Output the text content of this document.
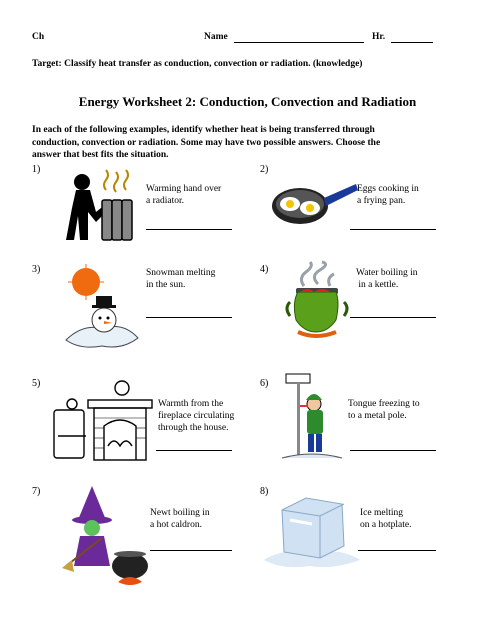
Ch	Name	Hr.
Target: Classify heat transfer as conduction, convection or radiation. (knowledge)
Energy Worksheet 2: Conduction, Convection and Radiation
In each of the following examples, identify whether heat is being transferred through
conduction, convection or radiation. Some may have two possible answers. Choose the
answer that best fits the situation.
1)
Warming hand over
a radiator.
2)
Eggs cooking in
a frying pan.
3)	Snowman melting
in the sun.
4)	Water boiling in
in a kettle.
5)
Warmth from the
fireplace circulating
through the house.
6)
Tongue freezing to
to a metal pole.
7)
Newt boiling in
a hot caldron.
8)
Ice melting
on a hotplate.
